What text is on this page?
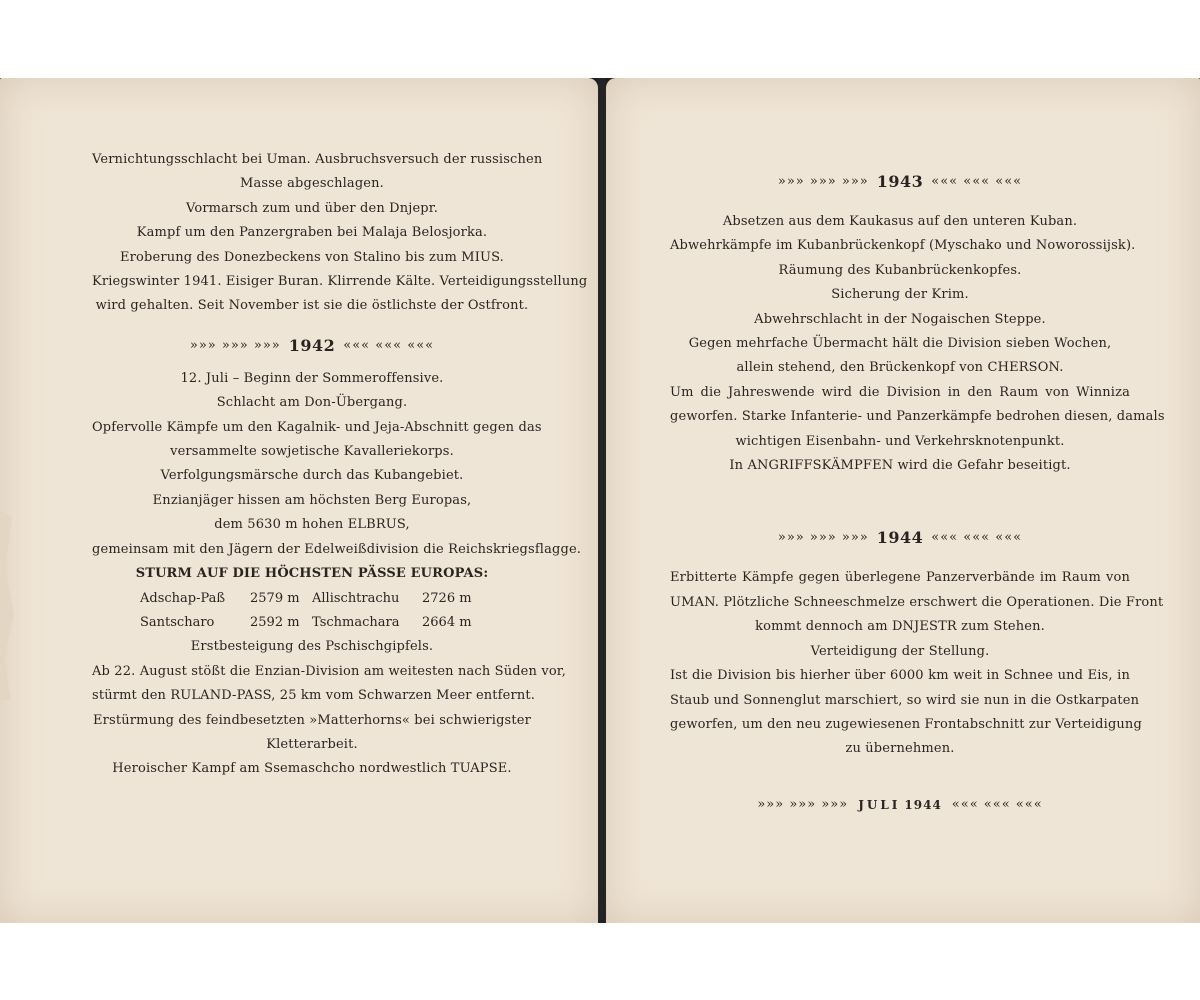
Vernichtungsschlacht bei Uman. Ausbruchsversuch der russischen
Masse abgeschlagen.
Vormarsch zum und über den Dnjepr.
Kampf um den Panzergraben bei Malaja Belosjorka.
Eroberung des Donezbeckens von Stalino bis zum MIUS.
Kriegswinter 1941. Eisiger Buran. Klirrende Kälte. Verteidigungsstellung
wird gehalten. Seit November ist sie die östlichste der Ostfront.
»»» »»» »»» 1942 ««« ««« «««
12. Juli – Beginn der Sommeroffensive.
Schlacht am Don-Übergang.
Opfervolle Kämpfe um den Kagalnik- und Jeja-Abschnitt gegen das
versammelte sowjetische Kavalleriekorps.
Verfolgungsmärsche durch das Kubangebiet.
Enzianjäger hissen am höchsten Berg Europas,
dem 5630 m hohen ELBRUS,
gemeinsam mit den Jägern der Edelweißdivision die Reichskriegsflagge.
STURM AUF DIE HÖCHSTEN PÄSSE EUROPAS:
Adschap-Paß	2579 m Allischtrachu	2726 m
Santscharo	2592 m Tschmachara	2664 m
Erstbesteigung des Pschischgipfels.
Ab 22. August stößt die Enzian-Division am weitesten nach Süden vor,
stürmt den RULAND-PASS, 25 km vom Schwarzen Meer entfernt.
Erstürmung des feindbesetzten »Matterhorns« bei schwierigster
Kletterarbeit.
Heroischer Kampf am Ssemaschcho nordwestlich TUAPSE.
»»» »»» »»» 1943 ««« ««« «««
Absetzen aus dem Kaukasus auf den unteren Kuban.
Abwehrkämpfe im Kubanbrückenkopf (Myschako und Noworossijsk).
Räumung des Kubanbrückenkopfes.
Sicherung der Krim.
Abwehrschlacht in der Nogaischen Steppe.
Gegen mehrfache Übermacht hält die Division sieben Wochen,
allein stehend, den Brückenkopf von CHERSON.
Um die Jahreswende wird die Division in den Raum von Winniza
geworfen. Starke Infanterie- und Panzerkämpfe bedrohen diesen, damals
wichtigen Eisenbahn- und Verkehrsknotenpunkt.
In ANGRIFFSKÄMPFEN wird die Gefahr beseitigt.
»»» »»» »»» 1944 ««« ««« «««
Erbitterte Kämpfe gegen überlegene Panzerverbände im Raum von
UMAN. Plötzliche Schneeschmelze erschwert die Operationen. Die Front
kommt dennoch am DNJESTR zum Stehen.
Verteidigung der Stellung.
Ist die Division bis hierher über 6000 km weit in Schnee und Eis, in
Staub und Sonnenglut marschiert, so wird sie nun in die Ostkarpaten
geworfen, um den neu zugewiesenen Frontabschnitt zur Verteidigung
zu übernehmen.
»»» »»» »»» JULI 1944 ««« ««« «««
